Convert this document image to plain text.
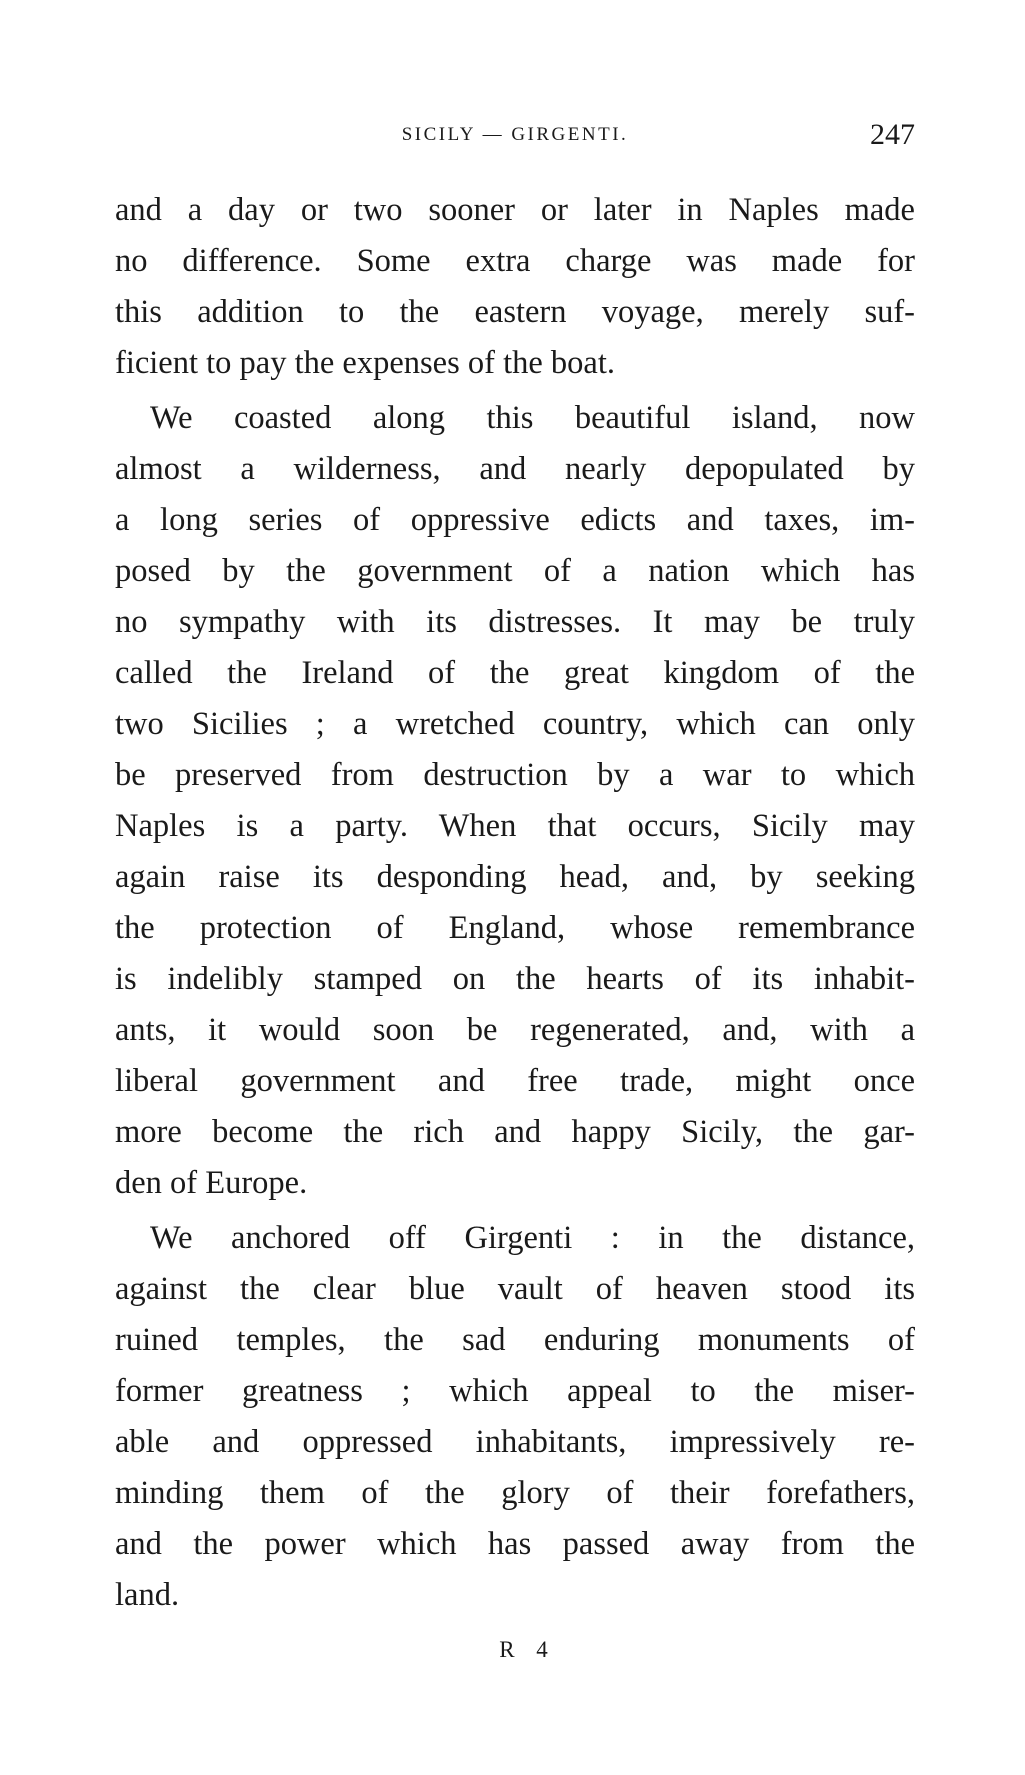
SICILY — GIRGENTI.	247
and a day or two sooner or later in Naples made
no difference. Some extra charge was made for
this addition to the eastern voyage, merely suf-
ficient to pay the expenses of the boat.
We coasted along this beautiful island, now
almost a wilderness, and nearly depopulated by
a long series of oppressive edicts and taxes, im-
posed by the government of a nation which has
no sympathy with its distresses. It may be truly
called the Ireland of the great kingdom of the
two Sicilies ; a wretched country, which can only
be preserved from destruction by a war to which
Naples is a party. When that occurs, Sicily may
again raise its desponding head, and, by seeking
the protection of England, whose remembrance
is indelibly stamped on the hearts of its inhabit-
ants, it would soon be regenerated, and, with a
liberal government and free trade, might once
more become the rich and happy Sicily, the gar-
den of Europe.
We anchored off Girgenti : in the distance,
against the clear blue vault of heaven stood its
ruined temples, the sad enduring monuments of
former greatness ; which appeal to the miser-
able and oppressed inhabitants, impressively re-
minding them of the glory of their forefathers,
and the power which has passed away from the
land.
R 4
